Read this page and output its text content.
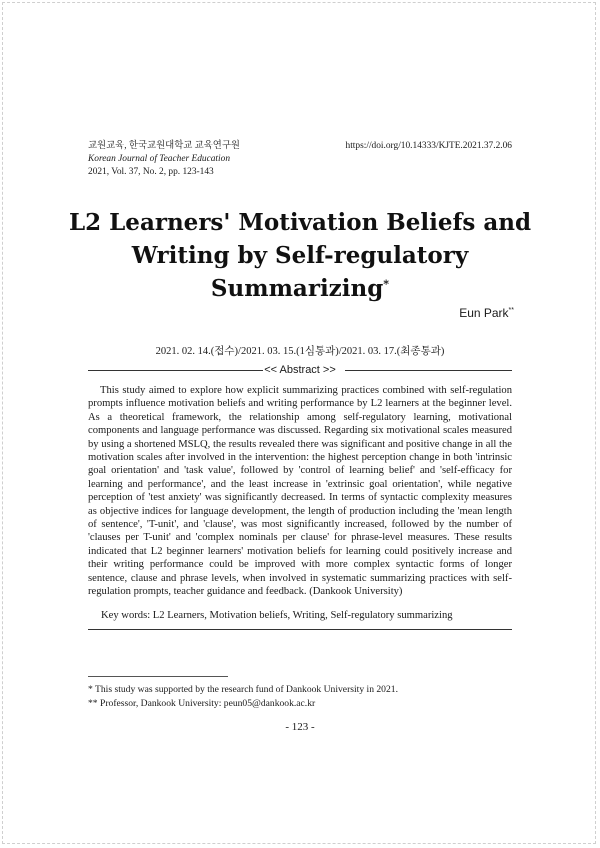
교원교육, 한국교원대학교 교육연구원
Korean Journal of Teacher Education
2021, Vol. 37, No. 2, pp. 123-143
https://doi.org/10.14333/KJTE.2021.37.2.06
L2 Learners' Motivation Beliefs and
Writing by Self-regulatory Summarizing*
Eun Park**
2021. 02. 14.(접수)/2021. 03. 15.(1심통과)/2021. 03. 17.(최종통과)
<< Abstract >>

This study aimed to explore how explicit summarizing practices combined with self-regulation prompts influence motivation beliefs and writing performance by L2 learners at the beginner level. As a theoretical framework, the relationship among self-regulatory learning, motivational components and language performance was discussed. Regarding six motivational scales measured by using a shortened MSLQ, the results revealed there was significant and positive change in all the motivation scales after involved in the intervention: the highest perception change in both 'intrinsic goal orientation' and 'task value', followed by 'control of learning belief' and 'self-efficacy for learning and performance', and the least increase in 'extrinsic goal orientation', while negative perception of 'test anxiety' was significantly decreased. In terms of syntactic complexity measures as objective indices for language development, the length of production including the 'mean length of sentence', 'T-unit', and 'clause', was most significantly increased, followed by the number of 'clauses per T-unit' and 'complex nominals per clause' for phrase-level measures. These results indicated that L2 beginner learners' motivation beliefs for learning could positively increase and their writing performance could be improved with more complex syntactic forms of longer sentence, clause and phrase levels, when involved in systematic summarizing practices with self-regulation prompts, teacher guidance and feedback. (Dankook University)

Key words: L2 Learners, Motivation beliefs, Writing, Self-regulatory summarizing
* This study was supported by the research fund of Dankook University in 2021.
** Professor, Dankook University: peun05@dankook.ac.kr
- 123 -
